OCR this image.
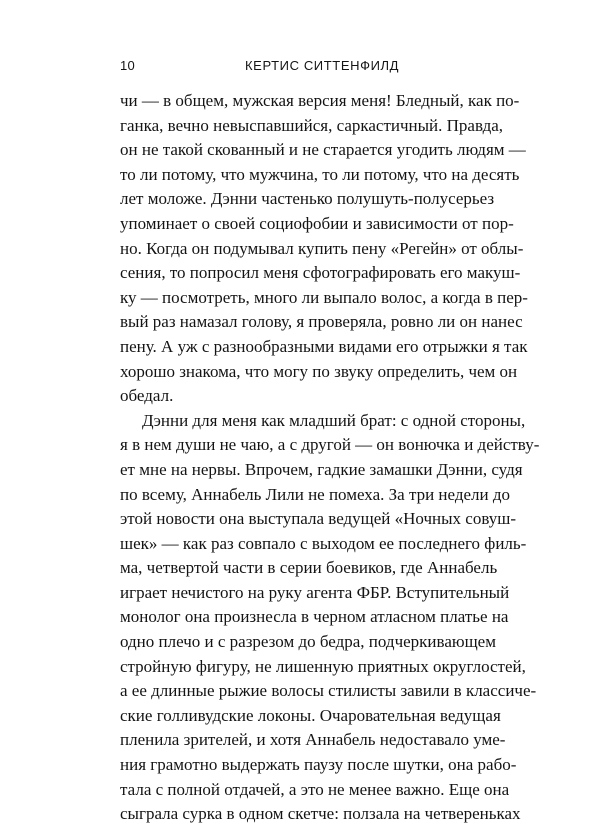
10	КЕРТИС СИТТЕНФИЛД
чи — в общем, мужская версия меня! Бледный, как по-
ганка, вечно невыспавшийся, саркастичный. Правда,
он не такой скованный и не старается угодить людям —
то ли потому, что мужчина, то ли потому, что на десять
лет моложе. Дэнни частенько полушуть-полусерьез
упоминает о своей социофобии и зависимости от пор-
но. Когда он подумывал купить пену «Регейн» от облы-
сения, то попросил меня сфотографировать его макуш-
ку — посмотреть, много ли выпало волос, а когда в пер-
вый раз намазал голову, я проверяла, ровно ли он нанес
пену. А уж с разнообразными видами его отрыжки я так
хорошо знакома, что могу по звуку определить, чем он
обедал.
Дэнни для меня как младший брат: с одной стороны,
я в нем души не чаю, а с другой — он вонючка и действу-
ет мне на нервы. Впрочем, гадкие замашки Дэнни, судя
по всему, Аннабель Лили не помеха. За три недели до
этой новости она выступала ведущей «Ночных совуш-
шек» — как раз совпало с выходом ее последнего филь-
ма, четвертой части в серии боевиков, где Аннабель
играет нечистого на руку агента ФБР. Вступительный
монолог она произнесла в черном атласном платье на
одно плечо и с разрезом до бедра, подчеркивающем
стройную фигуру, не лишенную приятных округлостей,
а ее длинные рыжие волосы стилисты завили в классиче-
ские голливудские локоны. Очаровательная ведущая
пленила зрителей, и хотя Аннабель недоставало уме-
ния грамотно выдержать паузу после шутки, она рабо-
тала с полной отдачей, а это не менее важно. Еще она
сыграла сурка в одном скетче: ползала на четвереньках
